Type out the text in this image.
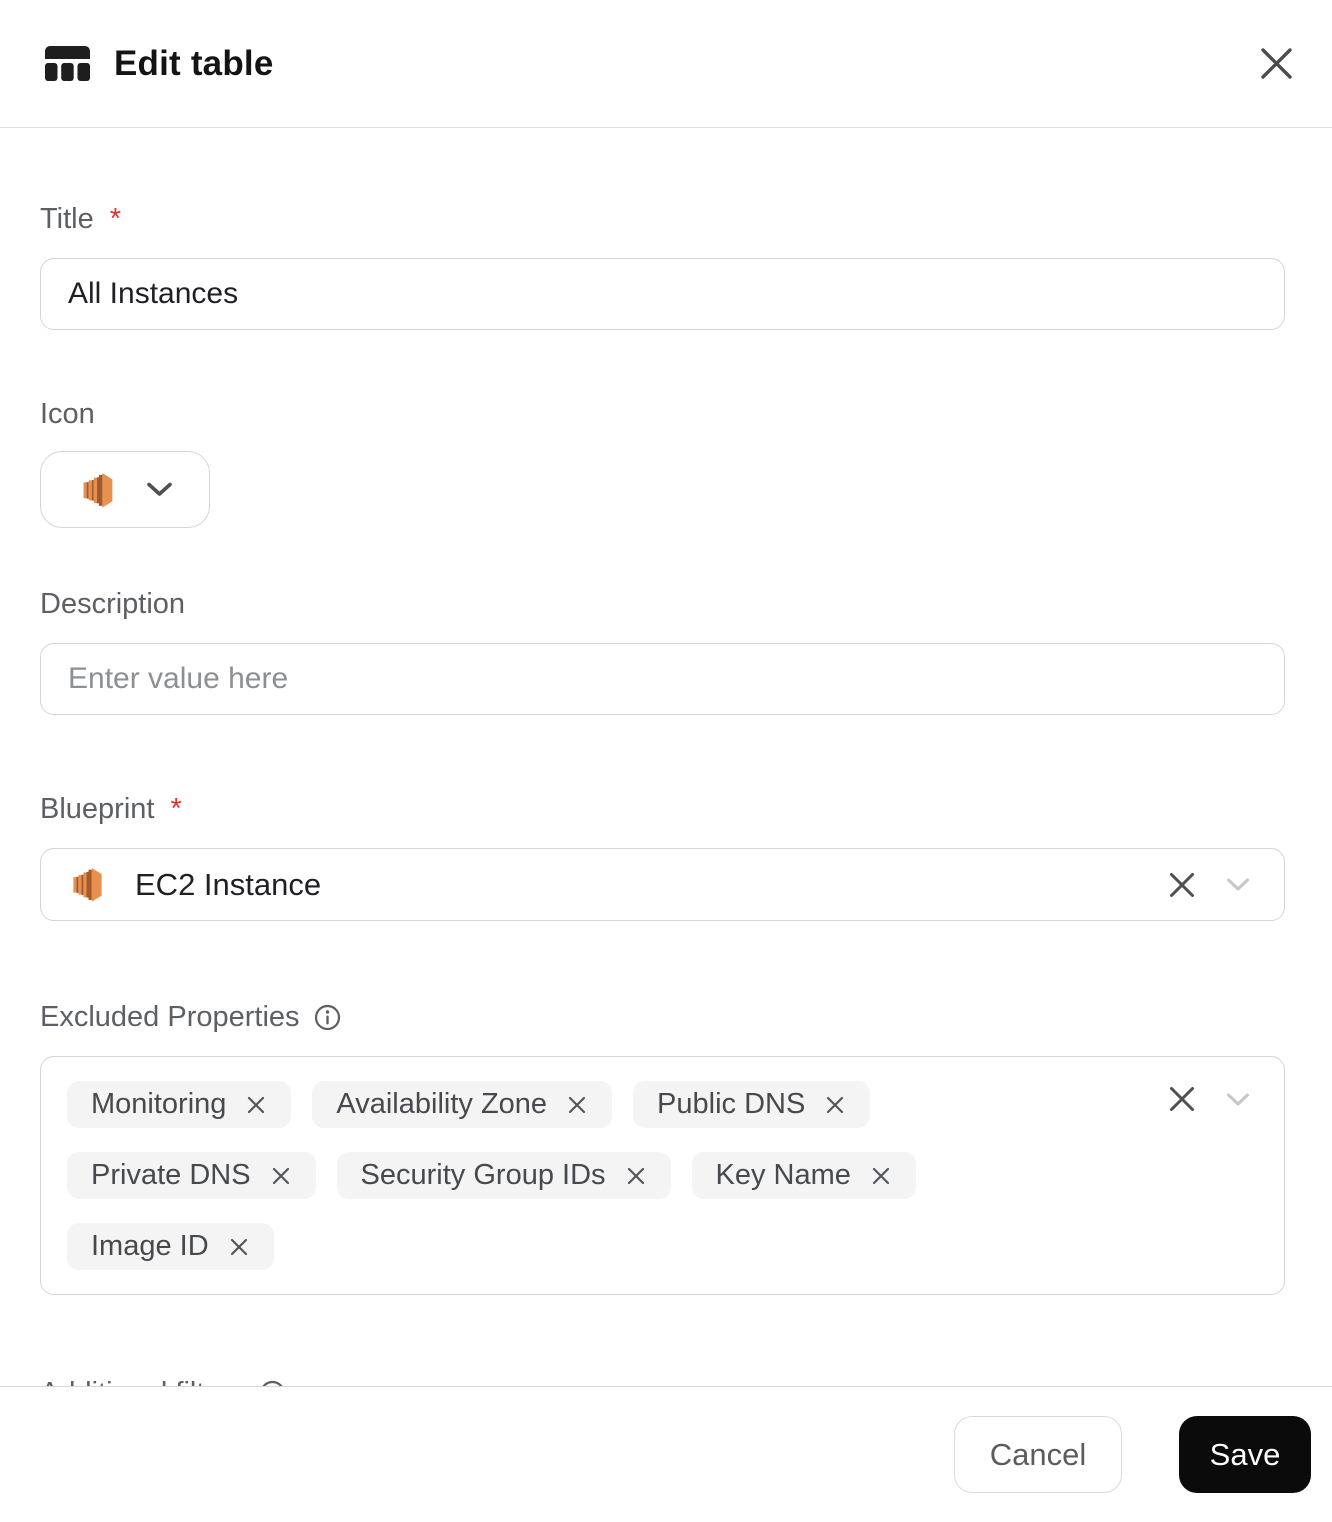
Edit table
Title *
All Instances
Icon
Description
Enter value here
Blueprint *
EC2 Instance
Excluded Properties
Monitoring	Availability Zone	Public DNS
Private DNS	Security Group IDs	Key Name
Image ID
Cancel	Save
